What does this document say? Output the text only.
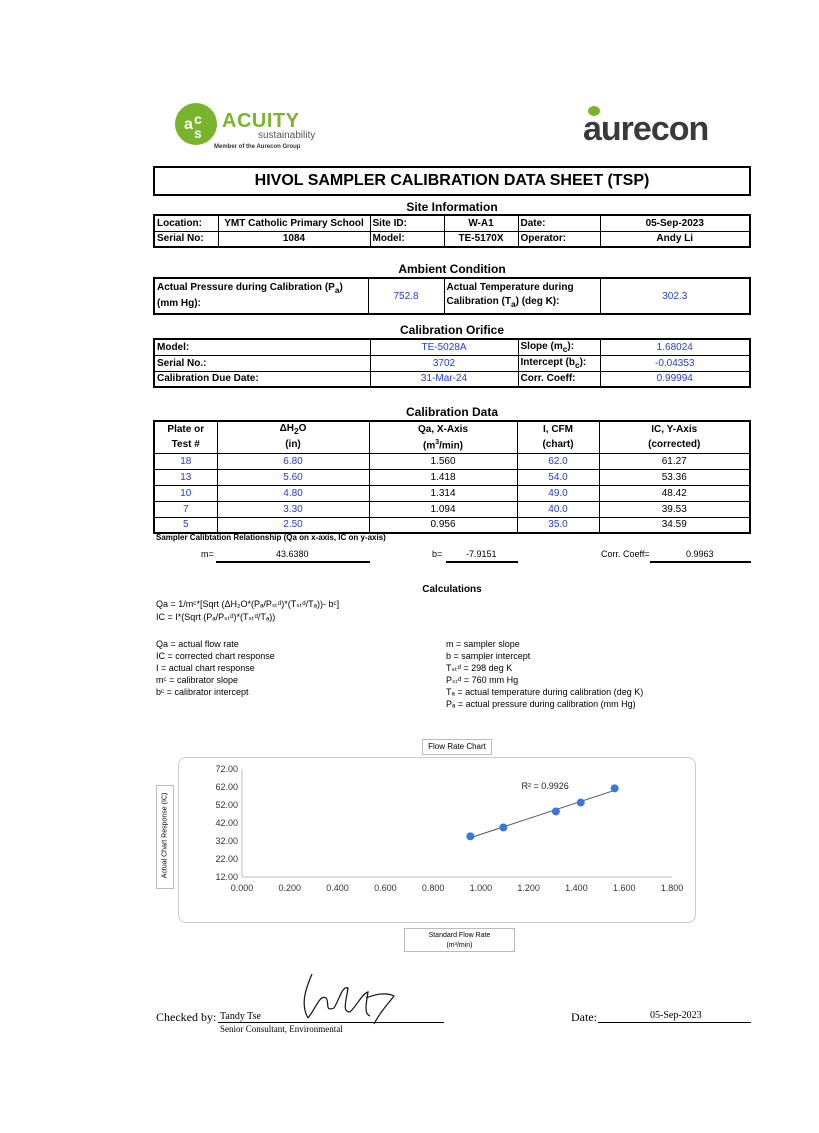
a c
s
ACUITY
sustainability
Member of the Aurecon Group	aurecon
HIVOL SAMPLER CALIBRATION DATA SHEET (TSP)
Site Information
Location:	YMT Catholic Primary School	Site ID:	W-A1	Date:	05-Sep-2023
Serial No:	1084	Model:	TE-5170X	Operator:	Andy Li
Ambient Condition
Actual Pressure during Calibration $(P_a)$
(mm Hg):	752.8	Actual Temperature during
Calibration $(T_a)$ (deg K):	302.3
Calibration Orifice
Model:	TE-5028A	Slope $(m_c)$:	1.68024
Serial No.:	3702	Intercept $(b_c)$:	-0.04353
Calibration Due Date:	31-Mar-24	Corr. Coeff:	0.99994
Calibration Data
Plate or	$\Delta H_2O$	Qa, X-Axis	I, CFM	IC, Y-Axis
Test #	(in)	$(m^3/\min)$	(chart)	(corrected)
18	6.80	1.560	62.0	61.27
13	5.60	1.418	54.0	53.36
10	4.80	1.314	49.0	48.42
7	3.30	1.094	40.0	39.53
5	2.50	0.956	35.0	34.59
Sampler Calibtation Relationship (Qa on x-axis, IC on y-axis)
m=	43.6380	b=	-7.9151	Corr. Coeff=	0.9963
Calculations
Qa = 1/mᶜ*[Sqrt (ΔH₂O*(Pₐ/Pₛₜᵈ)*(Tₛₜᵈ/Tₐ))- bᶜ]
IC = I*(Sqrt (Pₐ/Pₛₜᵈ)*(Tₛₜᵈ/Tₐ))
Qa = actual flow rate
IC = corrected chart response
I = actual chart response
mᶜ = calibrator slope
bᶜ = calibrator intercept
m = sampler slope
b = sampler intercept
Tₛₜᵈ = 298 deg K
Pₛₜᵈ = 760 mm Hg
Tₐ = actual temperature during calibration (deg K)
Pₐ = actual pressure during calibration (mm Hg)
Flow Rate Chart
Actual Chart Response (IC)	12.00
22.00
32.00
42.00
52.00
62.00
72.00
0.000	0.200	0.400	0.600	0.800	1.000	1.200	1.400	1.600	1.800
R² = 0.9926
Standard Flow Rate
(m³/min)
Checked by: Tandy Tse
Senior Consultant, Environmental
Date:	05-Sep-2023
